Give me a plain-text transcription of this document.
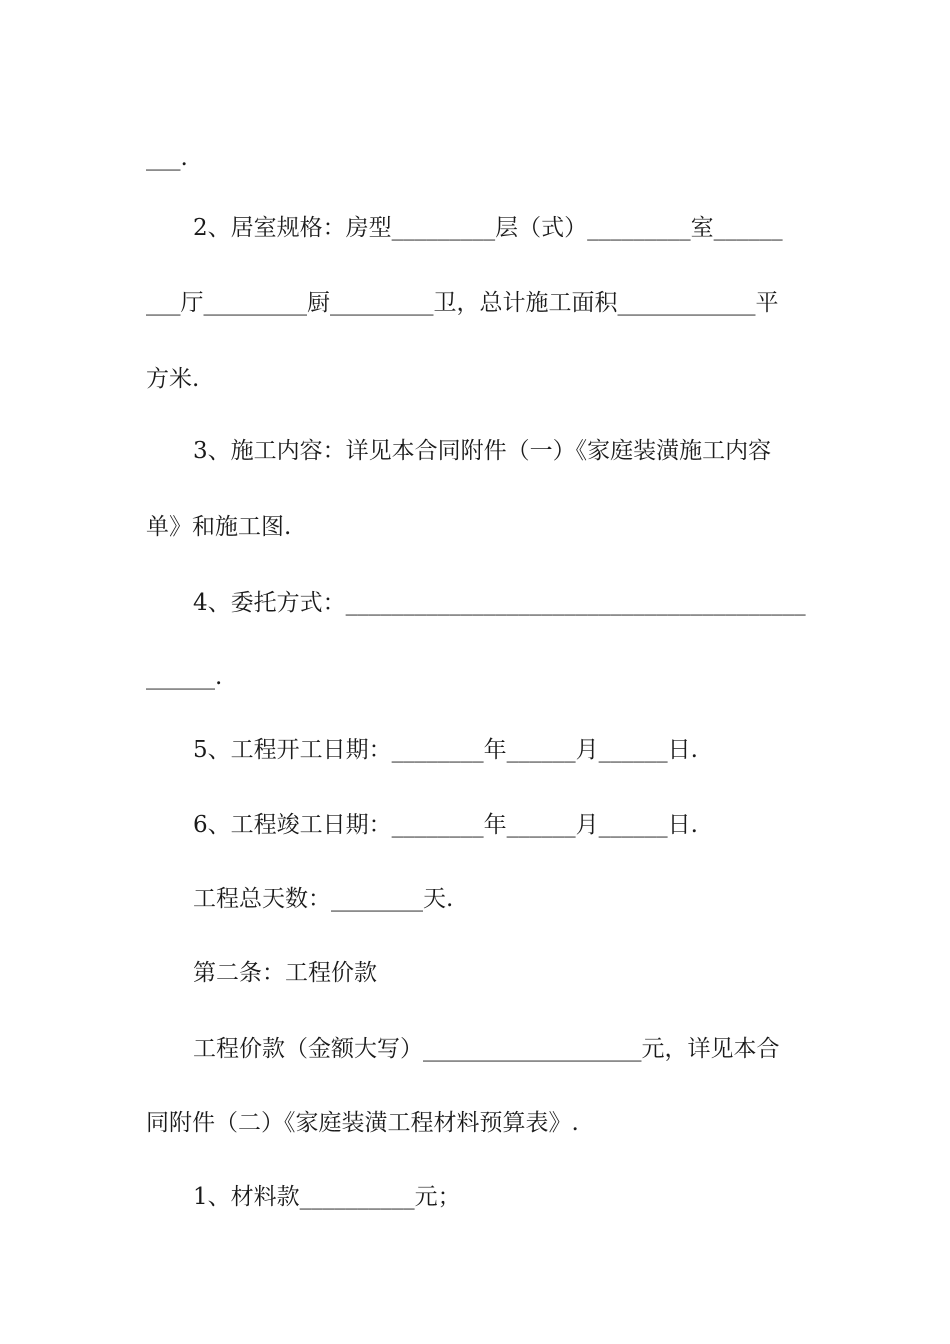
___.
2、居室规格：房型_________层（式）_________室______
___厅_________厨_________卫，总计施工面积____________平
方米.
3、施工内容：详见本合同附件（一）《家庭装潢施工内容
单》和施工图.
4、委托方式：________________________________________
______.
5、工程开工日期：________年______月______日.
6、工程竣工日期：________年______月______日.
工程总天数：________天.
第二条：工程价款
工程价款（金额大写）___________________元，详见本合
同附件（二）《家庭装潢工程材料预算表》.
1、材料款__________元；
